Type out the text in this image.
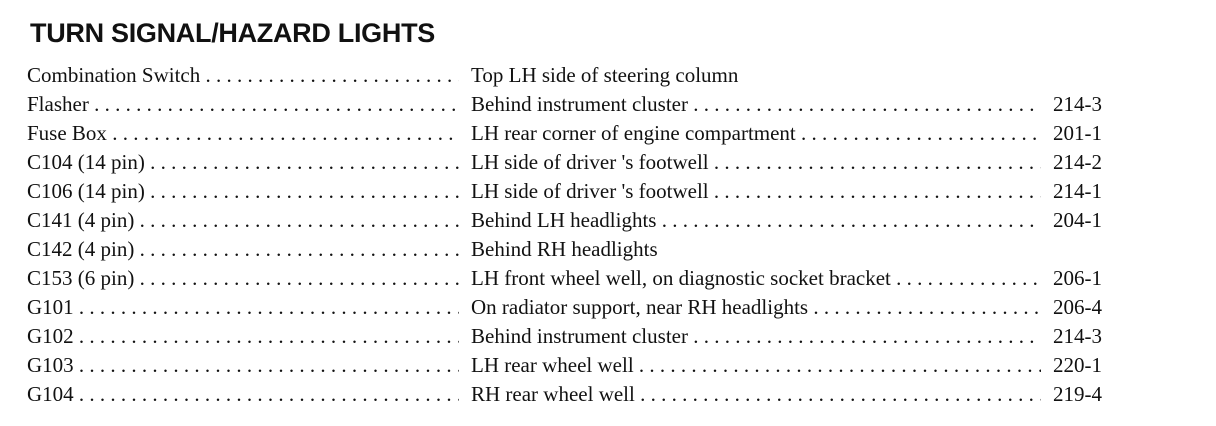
TURN SIGNAL/HAZARD LIGHTS
Combination Switch . . .	Top LH side of steering column
Flasher . . .	Behind instrument cluster . . .	214-3
Fuse Box . . .	LH rear corner of engine compartment . . .	201-1
C104 (14 pin) . . .	LH side of driver 's footwell . . .	214-2
C106 (14 pin) . . .	LH side of driver 's footwell . . .	214-1
C141 (4 pin) . . .	Behind LH headlights . . .	204-1
C142 (4 pin) . . .	Behind RH headlights
C153 (6 pin) . . .	LH front wheel well, on diagnostic socket bracket . . .	206-1
G101 . . .	On radiator support, near RH headlights . . .	206-4
G102 . . .	Behind instrument cluster . . .	214-3
G103 . . .	LH rear wheel well . . .	220-1
G104 . . .	RH rear wheel well . . .	219-4
